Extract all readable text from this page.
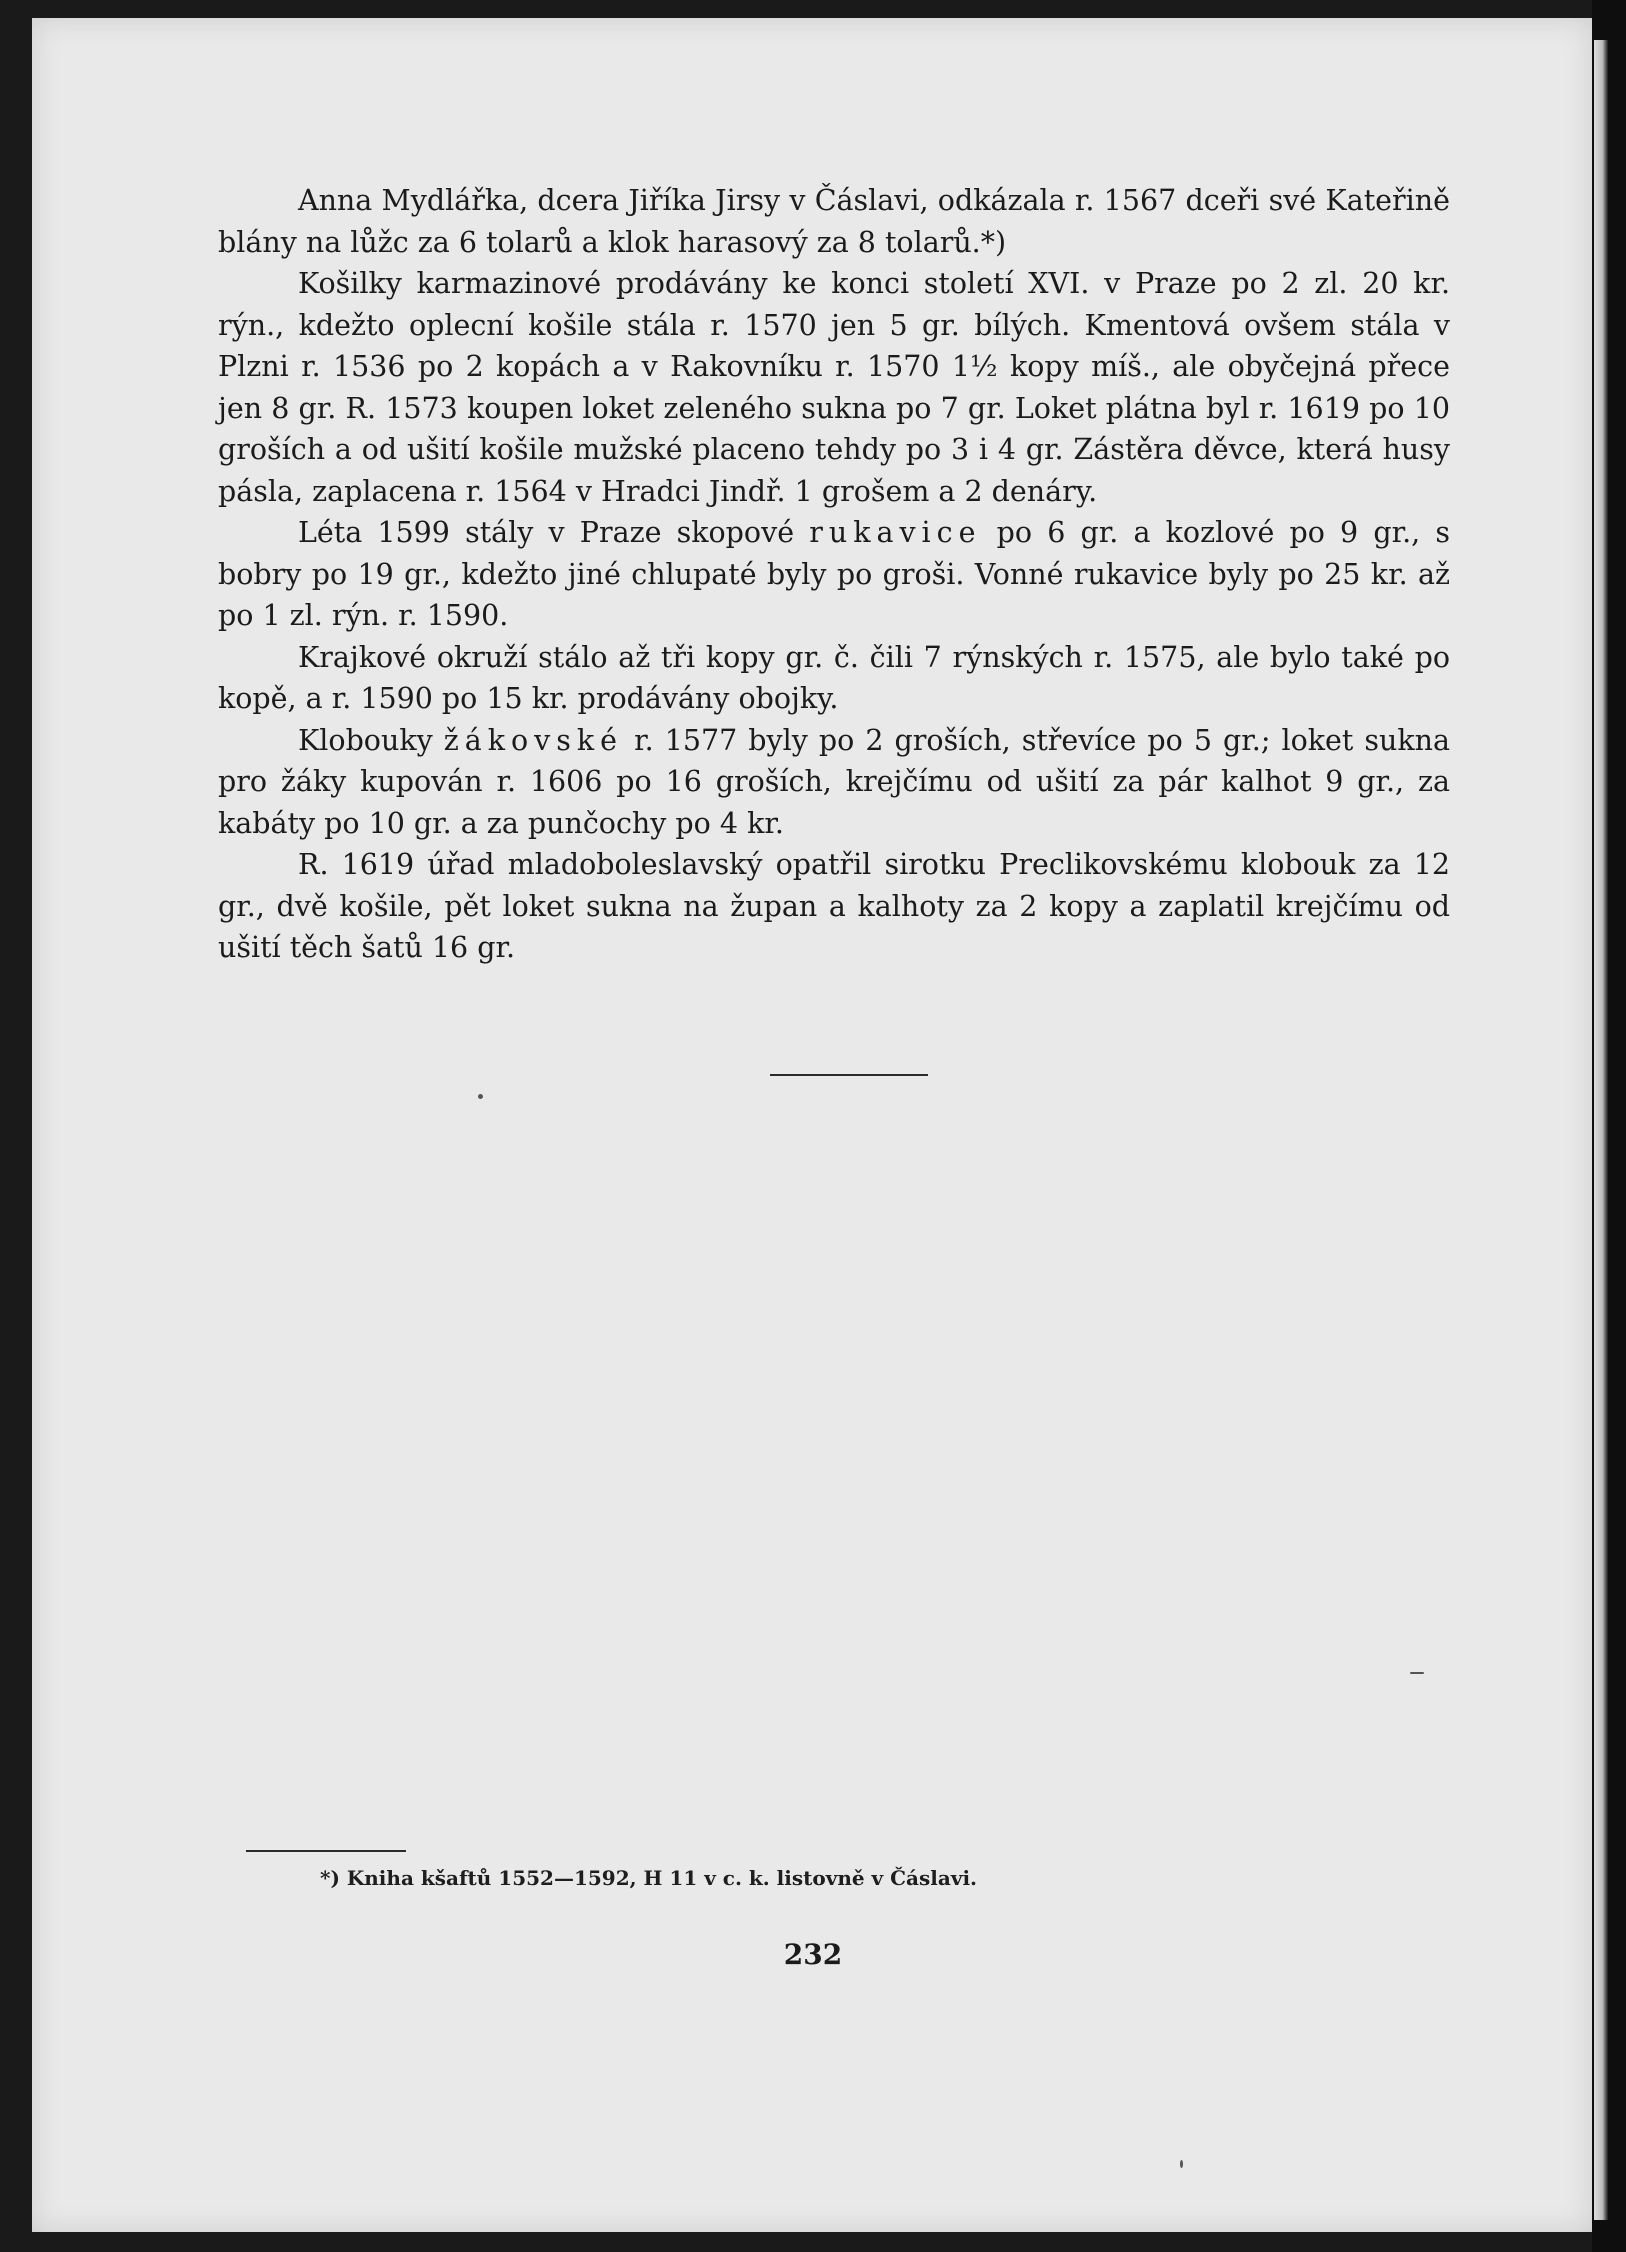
Anna Mydlářka, dcera Jiříka Jirsy v Čáslavi, odkázala r. 1567 dceři své Kateřině blány na lůžc za 6 tolarů a klok harasový za 8 tolarů.*)

Košilky karmazinové prodávány ke konci století XVI. v Praze po 2 zl. 20 kr. rýn., kdežto oplecní košile stála r. 1570 jen 5 gr. bílých. Kmentová ovšem stála v Plzni r. 1536 po 2 kopách a v Rakovníku r. 1570 1½ kopy míš., ale obyčejná přece jen 8 gr. R. 1573 koupen loket zeleného sukna po 7 gr. Loket plátna byl r. 1619 po 10 groších a od ušití košile mužské placeno tehdy po 3 i 4 gr. Zástěra děvce, která husy pásla, zaplacena r. 1564 v Hradci Jindř. 1 grošem a 2 denáry.

Léta 1599 stály v Praze skopové rukavice po 6 gr. a kozlové po 9 gr., s bobry po 19 gr., kdežto jiné chlupaté byly po groši. Vonné rukavice byly po 25 kr. až po 1 zl. rýn. r. 1590.

Krajkové okruží stálo až tři kopy gr. č. čili 7 rýnských r. 1575, ale bylo také po kopě, a r. 1590 po 15 kr. prodávány obojky.

Klobouky žákovské r. 1577 byly po 2 groších, střevíce po 5 gr.; loket sukna pro žáky kupován r. 1606 po 16 groších, krejčímu od ušití za pár kalhot 9 gr., za kabáty po 10 gr. a za punčochy po 4 kr.

R. 1619 úřad mladoboleslavský opatřil sirotku Preclikovskému klobouk za 12 gr., dvě košile, pět loket sukna na župan a kalhoty za 2 kopy a zaplatil krejčímu od ušití těch šatů 16 gr.

*) Kniha kšaftů 1552—1592, H 11 v c. k. listovně v Čáslavi.
232
